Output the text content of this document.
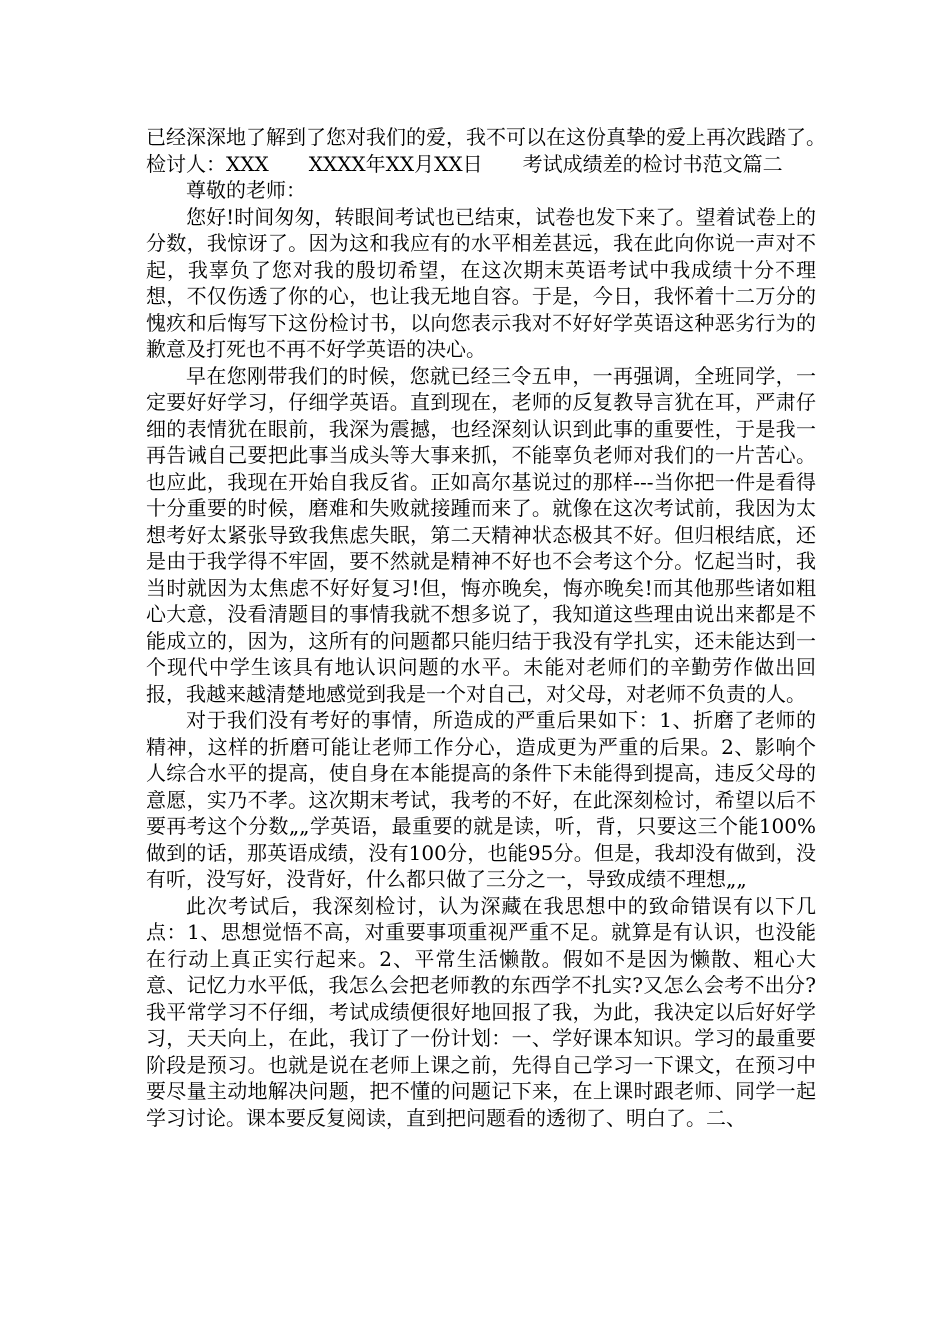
已经深深地了解到了您对我们的爱，我不可以在这份真挚的爱上再次践踏了。　　检讨人：XXX　　XXXX年XX月XX日　　考试成绩差的检讨书范文篇二

尊敬的老师：

您好!时间匆匆，转眼间考试也已结束，试卷也发下来了。望着试卷上的分数，我惊讶了。因为这和我应有的水平相差甚远，我在此向你说一声对不起，我辜负了您对我的殷切希望，在这次期末英语考试中我成绩十分不理想，不仅伤透了你的心，也让我无地自容。于是，今日，我怀着十二万分的愧疚和后悔写下这份检讨书，以向您表示我对不好好学英语这种恶劣行为的歉意及打死也不再不好学英语的决心。

早在您刚带我们的时候，您就已经三令五申，一再强调，全班同学，一定要好好学习，仔细学英语。直到现在，老师的反复教导言犹在耳，严肃仔细的表情犹在眼前，我深为震撼，也经深刻认识到此事的重要性，于是我一再告诫自己要把此事当成头等大事来抓，不能辜负老师对我们的一片苦心。也应此，我现在开始自我反省。正如高尔基说过的那样---当你把一件是看得十分重要的时候，磨难和失败就接踵而来了。就像在这次考试前，我因为太想考好太紧张导致我焦虑失眠，第二天精神状态极其不好。但归根结底，还是由于我学得不牢固，要不然就是精神不好也不会考这个分。忆起当时，我当时就因为太焦虑不好好复习!但，悔亦晚矣，悔亦晚矣!而其他那些诸如粗心大意，没看清题目的事情我就不想多说了，我知道这些理由说出来都是不能成立的，因为，这所有的问题都只能归结于我没有学扎实，还未能达到一个现代中学生该具有地认识问题的水平。未能对老师们的辛勤劳作做出回报，我越来越清楚地感觉到我是一个对自己，对父母，对老师不负责的人。

对于我们没有考好的事情，所造成的严重后果如下：1、折磨了老师的精神，这样的折磨可能让老师工作分心，造成更为严重的后果。2、影响个人综合水平的提高，使自身在本能提高的条件下未能得到提高，违反父母的意愿，实乃不孝。这次期末考试，我考的不好，在此深刻检讨，希望以后不要再考这个分数„„学英语，最重要的就是读，听，背，只要这三个能100%做到的话，那英语成绩，没有100分，也能95分。但是，我却没有做到，没有听，没写好，没背好，什么都只做了三分之一，导致成绩不理想„„

此次考试后，我深刻检讨，认为深藏在我思想中的致命错误有以下几点：1、思想觉悟不高，对重要事项重视严重不足。就算是有认识，也没能在行动上真正实行起来。2、平常生活懒散。假如不是因为懒散、粗心大意、记忆力水平低，我怎么会把老师教的东西学不扎实?又怎么会考不出分?我平常学习不仔细，考试成绩便很好地回报了我，为此，我决定以后好好学习，天天向上，在此，我订了一份计划：一、学好课本知识。学习的最重要阶段是预习。也就是说在老师上课之前，先得自己学习一下课文，在预习中要尽量主动地解决问题，把不懂的问题记下来，在上课时跟老师、同学一起学习讨论。课本要反复阅读，直到把问题看的透彻了、明白了。二、
